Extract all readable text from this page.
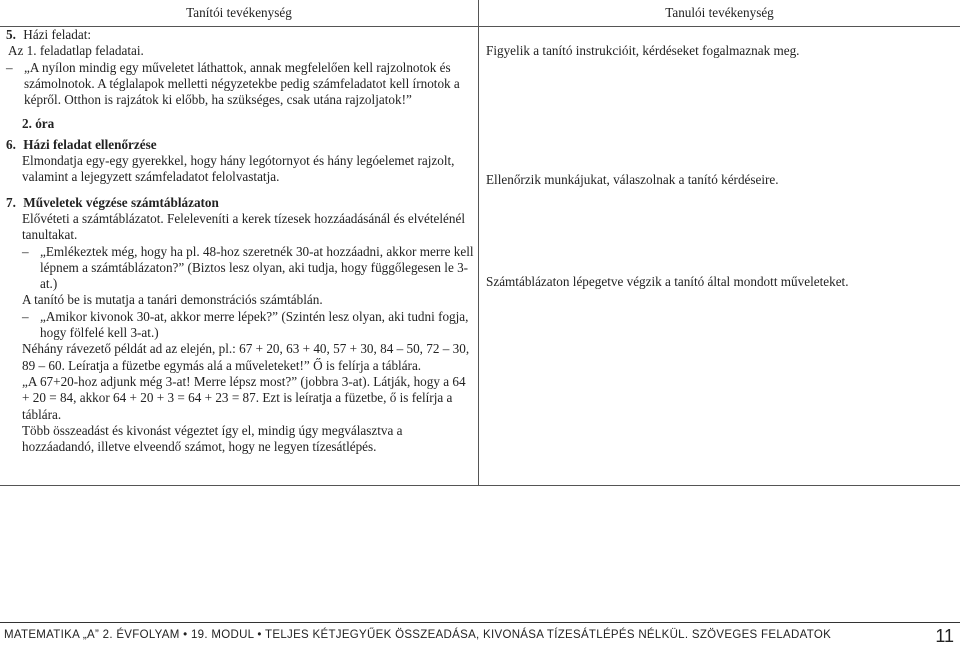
Tanítói tevékenység	Tanulói tevékenység

5. Házi feladat:

Az 1. feladatlap feladatai.

– „A nyílon mindig egy műveletet láthattok, annak megfelelően kell rajzolnotok és számolnotok. A téglalapok melletti négyzetekbe pedig számfeladatot kell írnotok a képről. Otthon is rajzátok ki előbb, ha szükséges, csak utána rajzoljatok!”

2. óra

6. Házi feladat ellenőrzése

Elmondatja egy-egy gyerekkel, hogy hány legótornyot és hány legóelemet rajzolt, valamint a lejegyzett számfeladatot felolvastatja.

7. Műveletek végzése számtáblázaton

Elővéteti a számtáblázatot. Feleleveníti a kerek tízesek hozzáadásánál és elvételénél tanultakat.

– „Emlékeztek még, hogy ha pl. 48-hoz szeretnék 30-at hozzáadni, akkor merre kell lépnem a számtáblázaton?” (Biztos lesz olyan, aki tudja, hogy függőlegesen le 3-at.)

A tanító be is mutatja a tanári demonstrációs számtáblán.

– „Amikor kivonok 30-at, akkor merre lépek?” (Szintén lesz olyan, aki tudni fogja, hogy fölfelé kell 3-at.)

Néhány rávezető példát ad az elején, pl.: 67 + 20, 63 + 40, 57 + 30, 84 – 50, 72 – 30, 89 – 60. Leíratja a füzetbe egymás alá a műveleteket!” Ő is felírja a táblára.

„A 67+20-hoz adjunk még 3-at! Merre lépsz most?” (jobbra 3-at). Látják, hogy a 64 + 20 = 84, akkor 64 + 20 + 3 = 64 + 23 = 87. Ezt is leíratja a füzetbe, ő is felírja a táblára.

Több összeadást és kivonást végeztet így el, mindig úgy megválasztva a hozzáadandó, illetve elveendő számot, hogy ne legyen tízesátlépés.

Figyelik a tanító instrukcióit, kérdéseket fogalmaznak meg.
Ellenőrzik munkájukat, válaszolnak a tanító kérdéseire.
Számtáblázaton lépegetve végzik a tanító által mondott műveleteket.
MATEMATIKA „A” 2. ÉVFOLYAM • 19. MODUL • TELJES KÉTJEGYŰEK ÖSSZEADÁSA, KIVONÁSA TÍZESÁTLÉPÉS NÉLKÜL. SZÖVEGES FELADATOK	11
